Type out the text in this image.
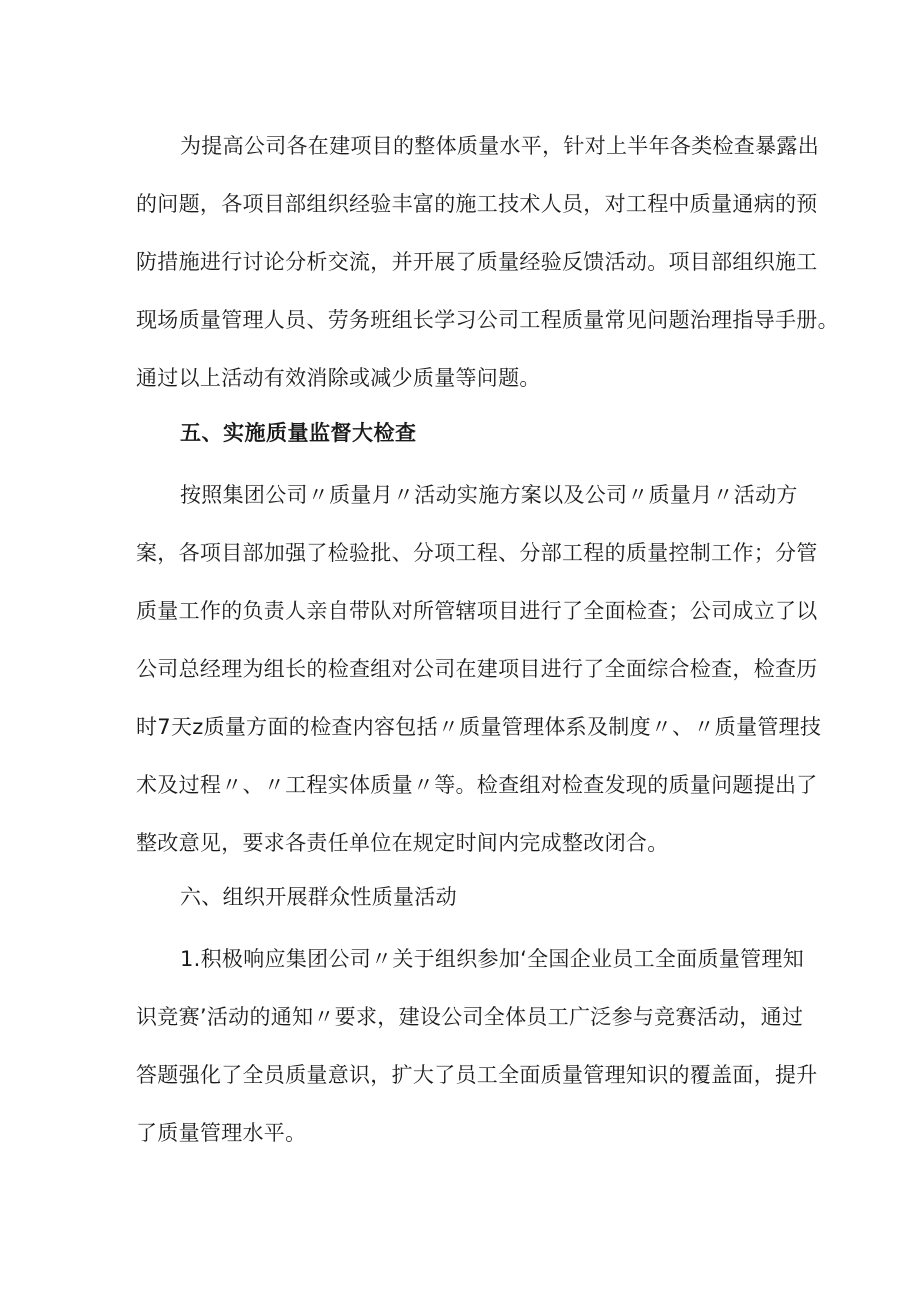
为提高公司各在建项目的整体质量水平，针对上半年各类检查暴露出
的问题，各项目部组织经验丰富的施工技术人员，对工程中质量通病的预
防措施进行讨论分析交流，并开展了质量经验反馈活动。项目部组织施工
现场质量管理人员、劳务班组长学习公司工程质量常见问题治理指导手册。
通过以上活动有效消除或减少质量等问题。
五、实施质量监督大检查
按照集团公司〃质量月〃活动实施方案以及公司〃质量月〃活动方
案，各项目部加强了检验批、分项工程、分部工程的质量控制工作；分管
质量工作的负责人亲自带队对所管辖项目进行了全面检查；公司成立了以
公司总经理为组长的检查组对公司在建项目进行了全面综合检查，检查历
时7天z质量方面的检查内容包括〃质量管理体系及制度〃、〃质量管理技
术及过程〃、〃工程实体质量〃等。检查组对检查发现的质量问题提出了
整改意见，要求各责任单位在规定时间内完成整改闭合。
六、组织开展群众性质量活动
1.积极响应集团公司〃关于组织参加‘全国企业员工全面质量管理知
识竞赛’活动的通知〃要求，建设公司全体员工广泛参与竞赛活动，通过
答题强化了全员质量意识，扩大了员工全面质量管理知识的覆盖面，提升
了质量管理水平。
